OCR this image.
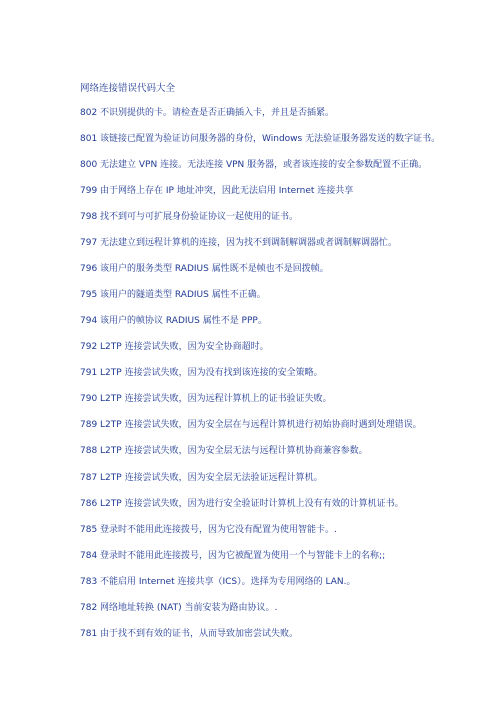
网络连接错误代码大全
802 不识别提供的卡。请检查是否正确插入卡，并且是否插紧。
801 该链接已配置为验证访问服务器的身份，Windows 无法验证服务器发送的数字证书。
800 无法建立 VPN 连接。无法连接 VPN 服务器，或者该连接的安全参数配置不正确。
799 由于网络上存在 IP 地址冲突，因此无法启用 Internet 连接共享
798 找不到可与可扩展身份验证协议一起使用的证书。
797 无法建立到远程计算机的连接，因为找不到调制解调器或者调制解调器忙。
796 该用户的服务类型 RADIUS 属性既不是帧也不是回拨帧。
795 该用户的隧道类型 RADIUS 属性不正确。
794 该用户的帧协议 RADIUS 属性不是 PPP。
792 L2TP 连接尝试失败，因为安全协商超时。
791 L2TP 连接尝试失败，因为没有找到该连接的安全策略。
790 L2TP 连接尝试失败，因为远程计算机上的证书验证失败。
789 L2TP 连接尝试失败，因为安全层在与远程计算机进行初始协商时遇到处理错误。
788 L2TP 连接尝试失败，因为安全层无法与远程计算机协商兼容参数。
787 L2TP 连接尝试失败，因为安全层无法验证远程计算机。
786 L2TP 连接尝试失败，因为进行安全验证时计算机上没有有效的计算机证书。
785 登录时不能用此连接拨号，因为它没有配置为使用智能卡。.
784 登录时不能用此连接拨号，因为它被配置为使用一个与智能卡上的名称;;
783 不能启用 Internet 连接共享（ICS）。选择为专用网络的 LAN.。
782 网络地址转换 (NAT) 当前安装为路由协议。.
781 由于找不到有效的证书，从而导致加密尝试失败。
